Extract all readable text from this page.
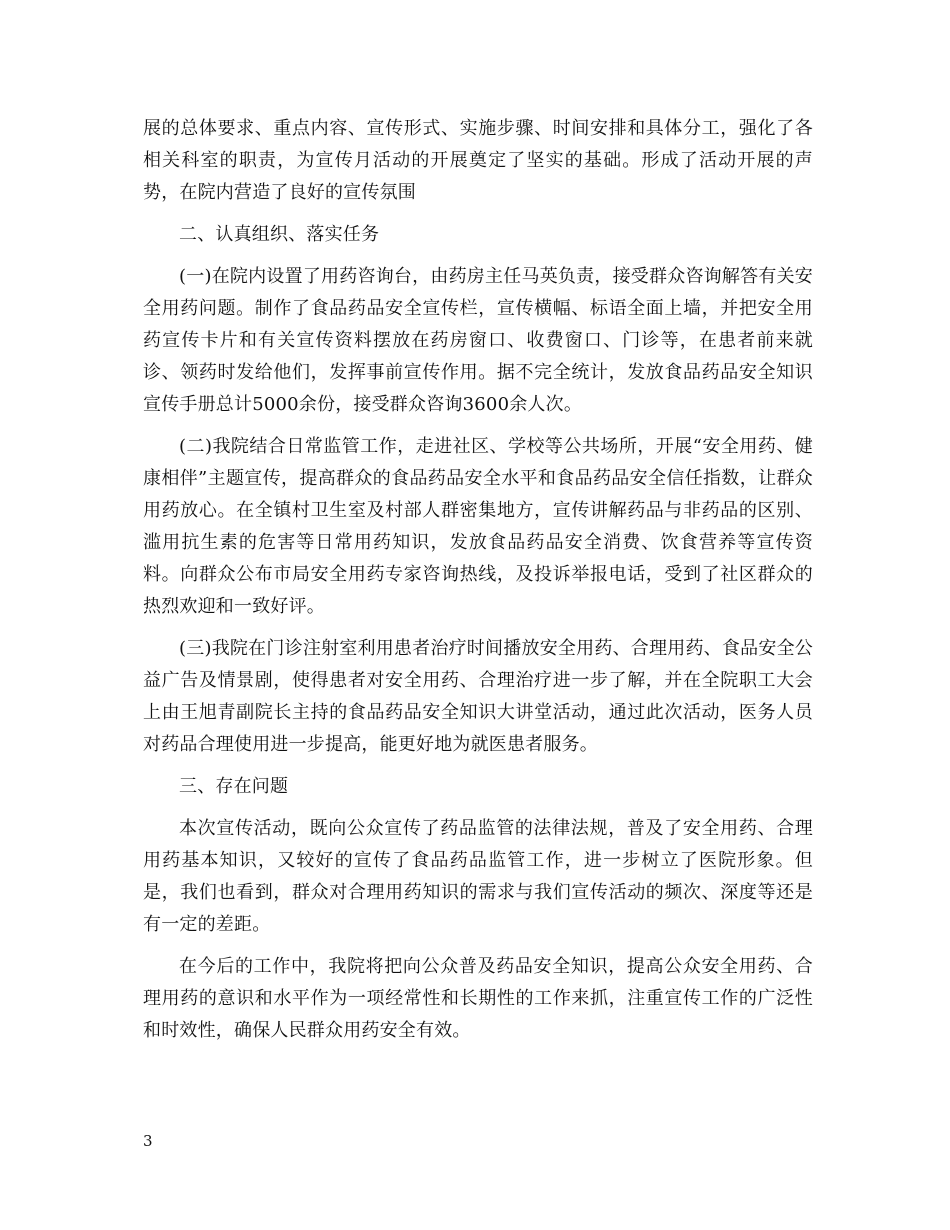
展的总体要求、重点内容、宣传形式、实施步骤、时间安排和具体分工，强化了各相关科室的职责，为宣传月活动的开展奠定了坚实的基础。形成了活动开展的声势，在院内营造了良好的宣传氛围

二、认真组织、落实任务

(一)在院内设置了用药咨询台，由药房主任马英负责，接受群众咨询解答有关安全用药问题。制作了食品药品安全宣传栏，宣传横幅、标语全面上墙，并把安全用药宣传卡片和有关宣传资料摆放在药房窗口、收费窗口、门诊等，在患者前来就诊、领药时发给他们，发挥事前宣传作用。据不完全统计，发放食品药品安全知识宣传手册总计5000余份，接受群众咨询3600余人次。

(二)我院结合日常监管工作，走进社区、学校等公共场所，开展“安全用药、健康相伴”主题宣传，提高群众的食品药品安全水平和食品药品安全信任指数，让群众用药放心。在全镇村卫生室及村部人群密集地方，宣传讲解药品与非药品的区别、滥用抗生素的危害等日常用药知识，发放食品药品安全消费、饮食营养等宣传资料。向群众公布市局安全用药专家咨询热线，及投诉举报电话，受到了社区群众的热烈欢迎和一致好评。

(三)我院在门诊注射室利用患者治疗时间播放安全用药、合理用药、食品安全公益广告及情景剧，使得患者对安全用药、合理治疗进一步了解，并在全院职工大会上由王旭青副院长主持的食品药品安全知识大讲堂活动，通过此次活动，医务人员对药品合理使用进一步提高，能更好地为就医患者服务。

三、存在问题

本次宣传活动，既向公众宣传了药品监管的法律法规，普及了安全用药、合理用药基本知识，又较好的宣传了食品药品监管工作，进一步树立了医院形象。但是，我们也看到，群众对合理用药知识的需求与我们宣传活动的频次、深度等还是有一定的差距。

在今后的工作中，我院将把向公众普及药品安全知识，提高公众安全用药、合理用药的意识和水平作为一项经常性和长期性的工作来抓，注重宣传工作的广泛性和时效性，确保人民群众用药安全有效。

3
